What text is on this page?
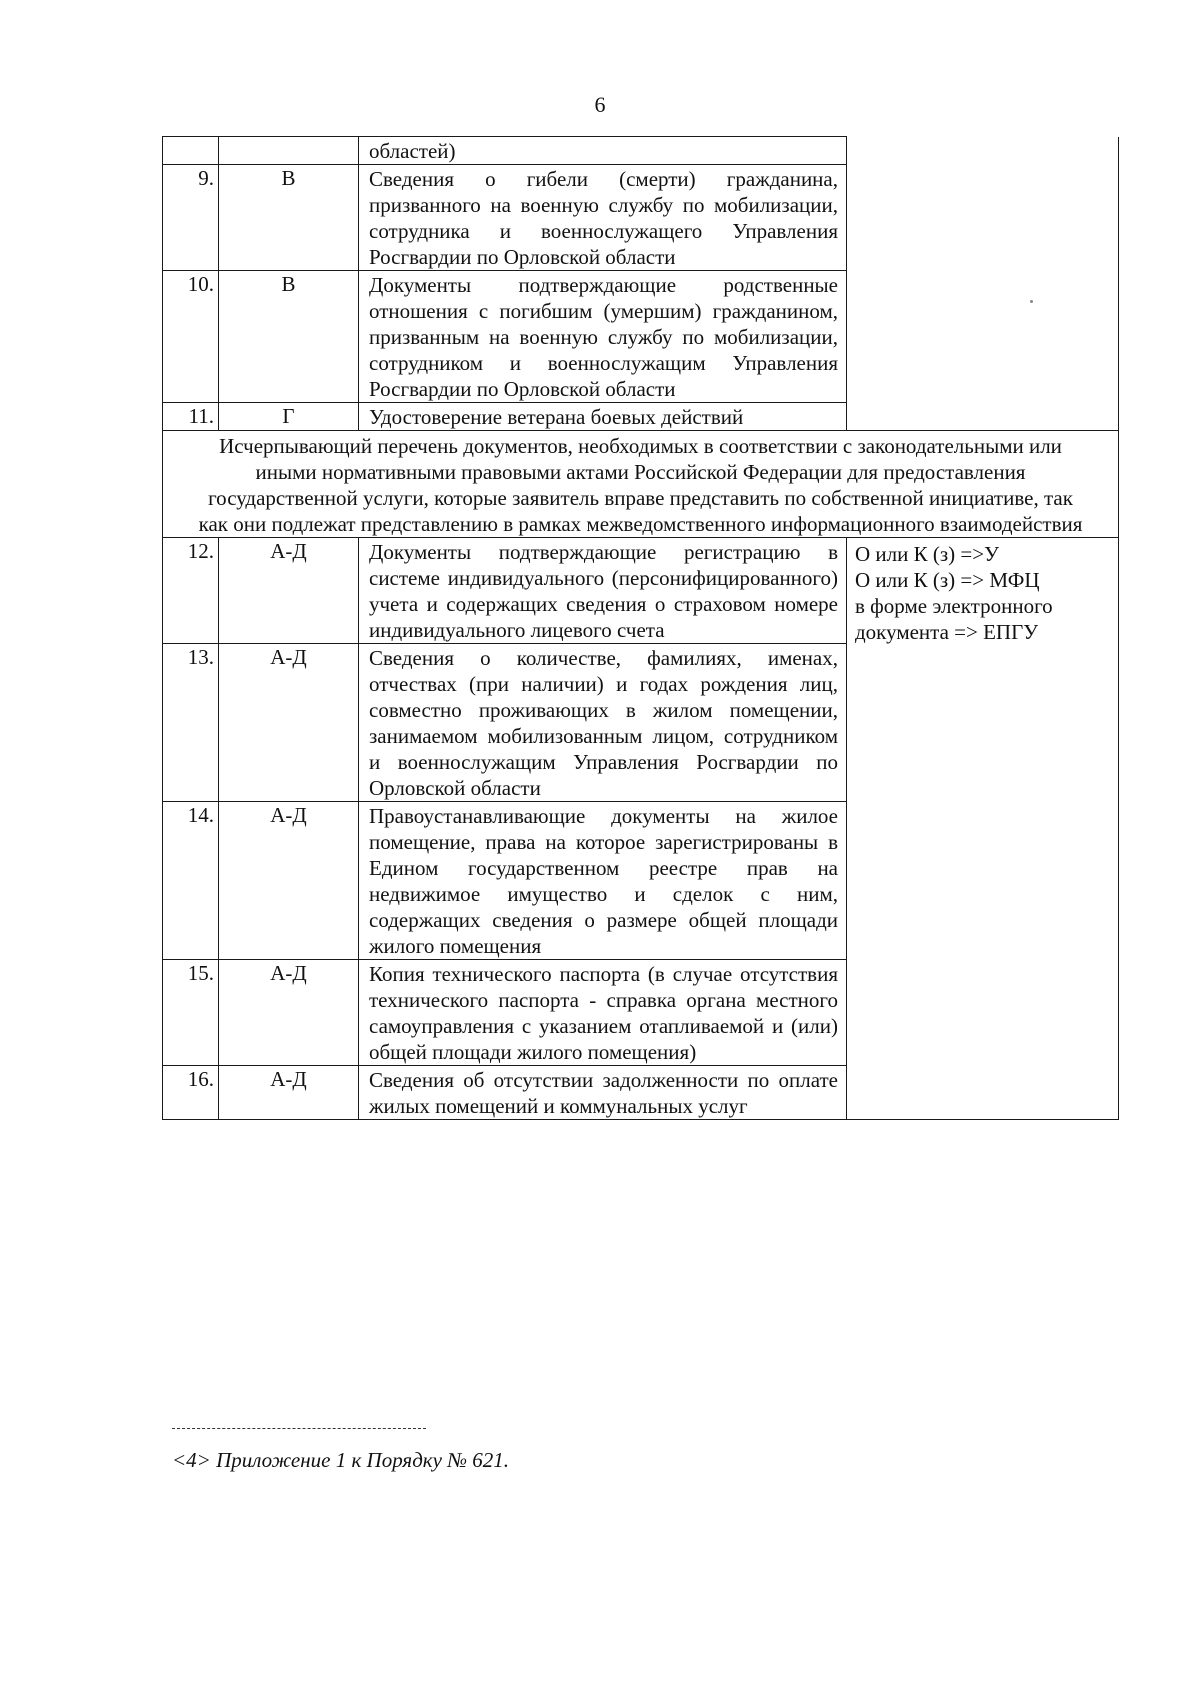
6
		областей)	
9.	В	Сведения о гибели (смерти) гражданина, призванного на военную службу по мобилизации, сотрудника и военнослужащего Управления Росгвардии по Орловской области	
10.	В	Документы подтверждающие родственные отношения с погибшим (умершим) гражданином, призванным на военную службу по мобилизации, сотрудником и военнослужащим Управления Росгвардии по Орловской области	
11.	Г	Удостоверение ветерана боевых действий	
Исчерпывающий перечень документов, необходимых в соответствии с законодательными или иными нормативными правовыми актами Российской Федерации для предоставления государственной услуги, которые заявитель вправе представить по собственной инициативе, так как они подлежат представлению в рамках межведомственного информационного взаимодействия			
12.	А-Д	Документы подтверждающие регистрацию в системе индивидуального (персонифицированного) учета и содержащих сведения о страховом номере индивидуального лицевого счета	О или К (з) =>У
О или К (з) => МФЦ
в форме электронного документа => ЕПГУ

13.	А-Д	Сведения о количестве, фамилиях, именах, отчествах (при наличии) и годах рождения лиц, совместно проживающих в жилом помещении, занимаемом мобилизованным лицом, сотрудником и военнослужащим Управления Росгвардии по Орловской области	
14.	А-Д	Правоустанавливающие документы на жилое помещение, права на которое зарегистрированы в Едином государственном реестре прав на недвижимое имущество и сделок с ним, содержащих сведения о размере общей площади жилого помещения	
15.	А-Д	Копия технического паспорта (в случае отсутствия технического паспорта - справка органа местного самоуправления с указанием отапливаемой и (или) общей площади жилого помещения)	
16.	А-Д	Сведения об отсутствии задолженности по оплате жилых помещений и коммунальных услуг	
<4> Приложение 1 к Порядку № 621.
